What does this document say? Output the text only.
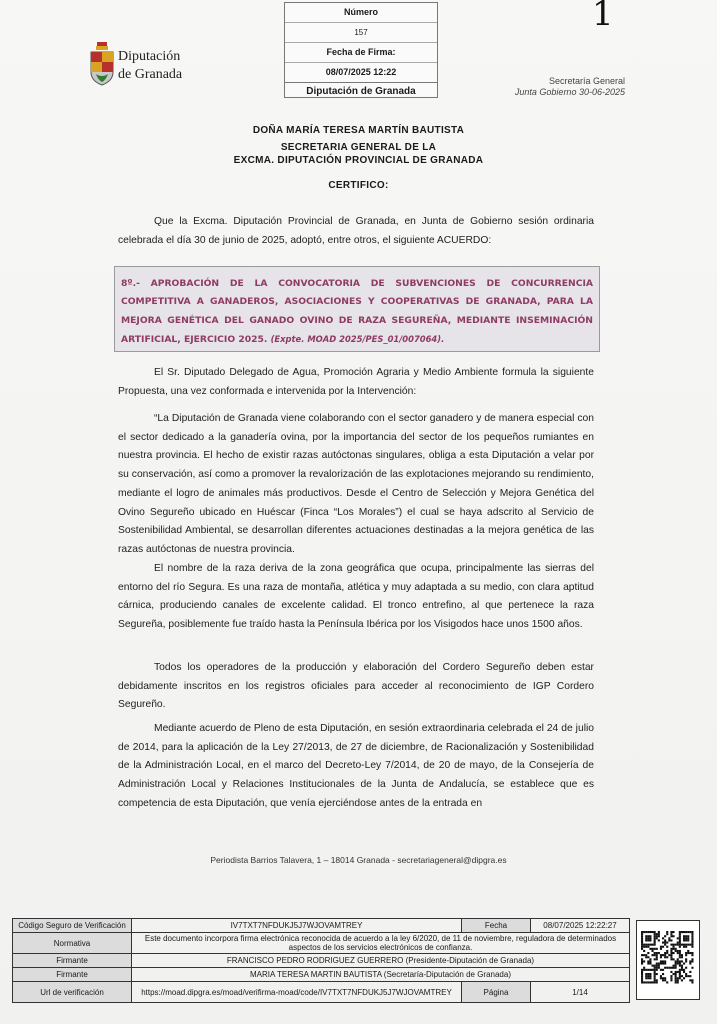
1
Número
157
Fecha de Firma:
08/07/2025 12:22
Diputación de Granada
Diputación
de Granada	Secretaría General
Junta Gobierno 30-06-2025
DOÑA MARÍA TERESA MARTÍN BAUTISTA
SECRETARIA GENERAL DE LA
EXCMA. DIPUTACIÓN PROVINCIAL DE GRANADA
CERTIFICO:

Que la Excma. Diputación Provincial de Granada, en Junta de Gobierno sesión ordinaria celebrada el día 30 de junio de 2025, adoptó, entre otros, el siguiente ACUERDO:

8º.- APROBACIÓN DE LA CONVOCATORIA DE SUBVENCIONES DE CONCURRENCIA COMPETITIVA A GANADEROS, ASOCIACIONES Y COOPERATIVAS DE GRANADA, PARA LA MEJORA GENÉTICA DEL GANADO OVINO DE RAZA SEGUREÑA, MEDIANTE INSEMINACIÓN ARTIFICIAL, EJERCICIO 2025. (Expte. MOAD 2025/PES_01/007064).

El Sr. Diputado Delegado de Agua, Promoción Agraria y Medio Ambiente formula la siguiente Propuesta, una vez conformada e intervenida por la Intervención:

“La Diputación de Granada viene colaborando con el sector ganadero y de manera especial con el sector dedicado a la ganadería ovina, por la importancia del sector de los pequeños rumiantes en nuestra provincia. El hecho de existir razas autóctonas singulares, obliga a esta Diputación a velar por su conservación, así como a promover la revalorización de las explotaciones mejorando su rendimiento, mediante el logro de animales más productivos. Desde el Centro de Selección y Mejora Genética del Ovino Segureño ubicado en Huéscar (Finca “Los Morales”) el cual se haya adscrito al Servicio de Sostenibilidad Ambiental, se desarrollan diferentes actuaciones destinadas a la mejora genética de las razas autóctonas de nuestra provincia.

El nombre de la raza deriva de la zona geográfica que ocupa, principalmente las sierras del entorno del río Segura. Es una raza de montaña, atlética y muy adaptada a su medio, con clara aptitud cárnica, produciendo canales de excelente calidad. El tronco entrefino, al que pertenece la raza Segureña, posiblemente fue traído hasta la Península Ibérica por los Visigodos hace unos 1500 años.

Todos los operadores de la producción y elaboración del Cordero Segureño deben estar debidamente inscritos en los registros oficiales para acceder al reconocimiento de IGP Cordero Segureño.

Mediante acuerdo de Pleno de esta Diputación, en sesión extraordinaria celebrada el 24 de julio de 2014, para la aplicación de la Ley 27/2013, de 27 de diciembre, de Racionalización y Sostenibilidad de la Administración Local, en el marco del Decreto-Ley 7/2014, de 20 de mayo, de la Consejería de Administración Local y Relaciones Institucionales de la Junta de Andalucía, se establece que es competencia de esta Diputación, que venía ejerciéndose antes de la entrada en

Periodista Barrios Talavera, 1 – 18014 Granada - secretariageneral@dipgra.es
Código Seguro de Verificación	IV7TXT7NFDUKJ5J7WJOVAMTREY	Fecha	08/07/2025 12:22:27
Normativa	Este documento incorpora firma electrónica reconocida de acuerdo a la ley 6/2020, de 11 de noviembre, reguladora de determinados aspectos de los servicios electrónicos de confianza.		
Firmante	FRANCISCO PEDRO RODRIGUEZ GUERRERO (Presidente-Diputación de Granada)		
Firmante	MARIA TERESA MARTIN BAUTISTA (Secretaría-Diputación de Granada)		
Url de verificación	https://moad.dipgra.es/moad/verifirma-moad/code/IV7TXT7NFDUKJ5J7WJOVAMTREY	Página	1/14
